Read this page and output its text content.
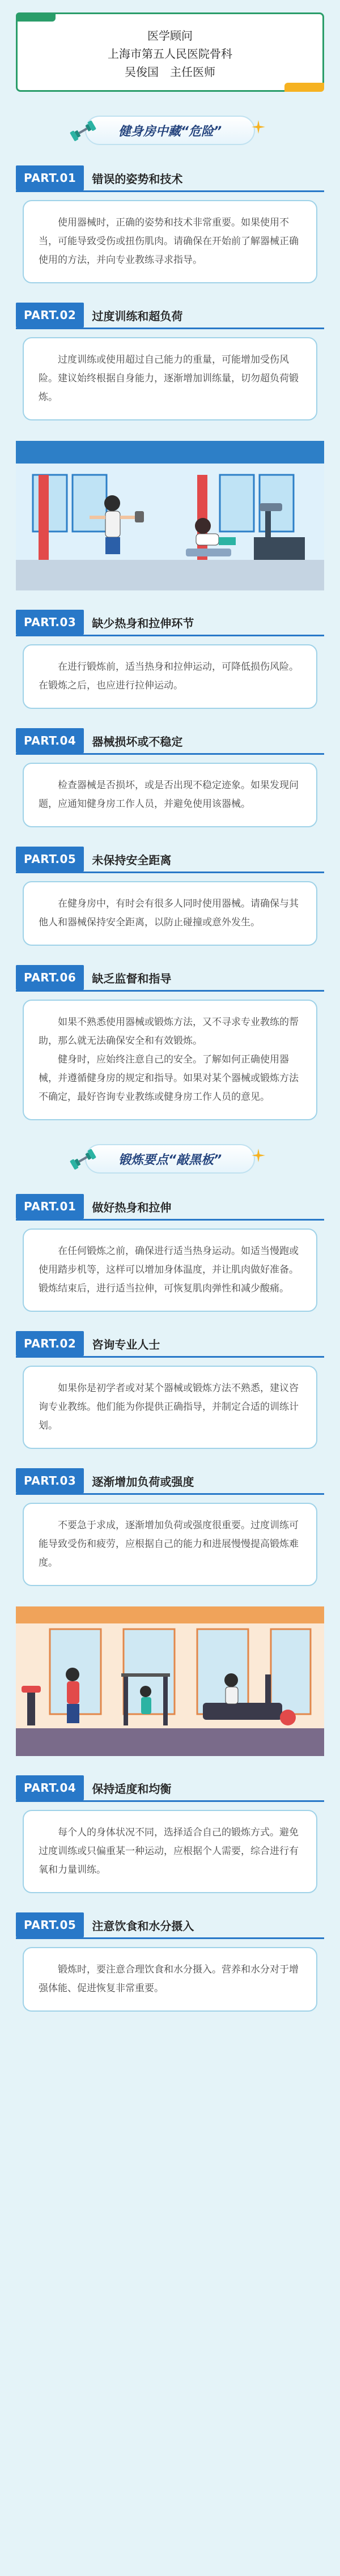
医学顾问
上海市第五人民医院骨科
吴俊国　主任医师
健身房中藏“危险”
PART.01	错误的姿势和技术

使用器械时，正确的姿势和技术非常重要。如果使用不当，可能导致受伤或扭伤肌肉。请确保在开始前了解器械正确使用的方法，并向专业教练寻求指导。

PART.02	过度训练和超负荷

过度训练或使用超过自己能力的重量，可能增加受伤风险。建议始终根据自身能力，逐渐增加训练量，切勿超负荷锻炼。

PART.03	缺少热身和拉伸环节

在进行锻炼前，适当热身和拉伸运动，可降低损伤风险。在锻炼之后，也应进行拉伸运动。

PART.04	器械损坏或不稳定

检查器械是否损坏，或是否出现不稳定迹象。如果发现问题，应通知健身房工作人员，并避免使用该器械。

PART.05	未保持安全距离

在健身房中，有时会有很多人同时使用器械。请确保与其他人和器械保持安全距离，以防止碰撞或意外发生。

PART.06	缺乏监督和指导

如果不熟悉使用器械或锻炼方法，又不寻求专业教练的帮助，那么就无法确保安全和有效锻炼。

健身时，应始终注意自己的安全。了解如何正确使用器械，并遵循健身房的规定和指导。如果对某个器械或锻炼方法不确定，最好咨询专业教练或健身房工作人员的意见。

锻炼要点“敲黑板”
PART.01	做好热身和拉伸

在任何锻炼之前，确保进行适当热身运动。如适当慢跑或使用踏步机等，这样可以增加身体温度，并让肌肉做好准备。锻炼结束后，进行适当拉伸，可恢复肌肉弹性和减少酸痛。

PART.02	咨询专业人士

如果你是初学者或对某个器械或锻炼方法不熟悉，建议咨询专业教练。他们能为你提供正确指导，并制定合适的训练计划。

PART.03	逐渐增加负荷或强度

不要急于求成，逐渐增加负荷或强度很重要。过度训练可能导致受伤和疲劳，应根据自己的能力和进展慢慢提高锻炼难度。

PART.04	保持适度和均衡

每个人的身体状况不同，选择适合自己的锻炼方式。避免过度训练或只偏重某一种运动，应根据个人需要，综合进行有氧和力量训练。

PART.05	注意饮食和水分摄入

锻炼时，要注意合理饮食和水分摄入。营养和水分对于增强体能、促进恢复非常重要。
